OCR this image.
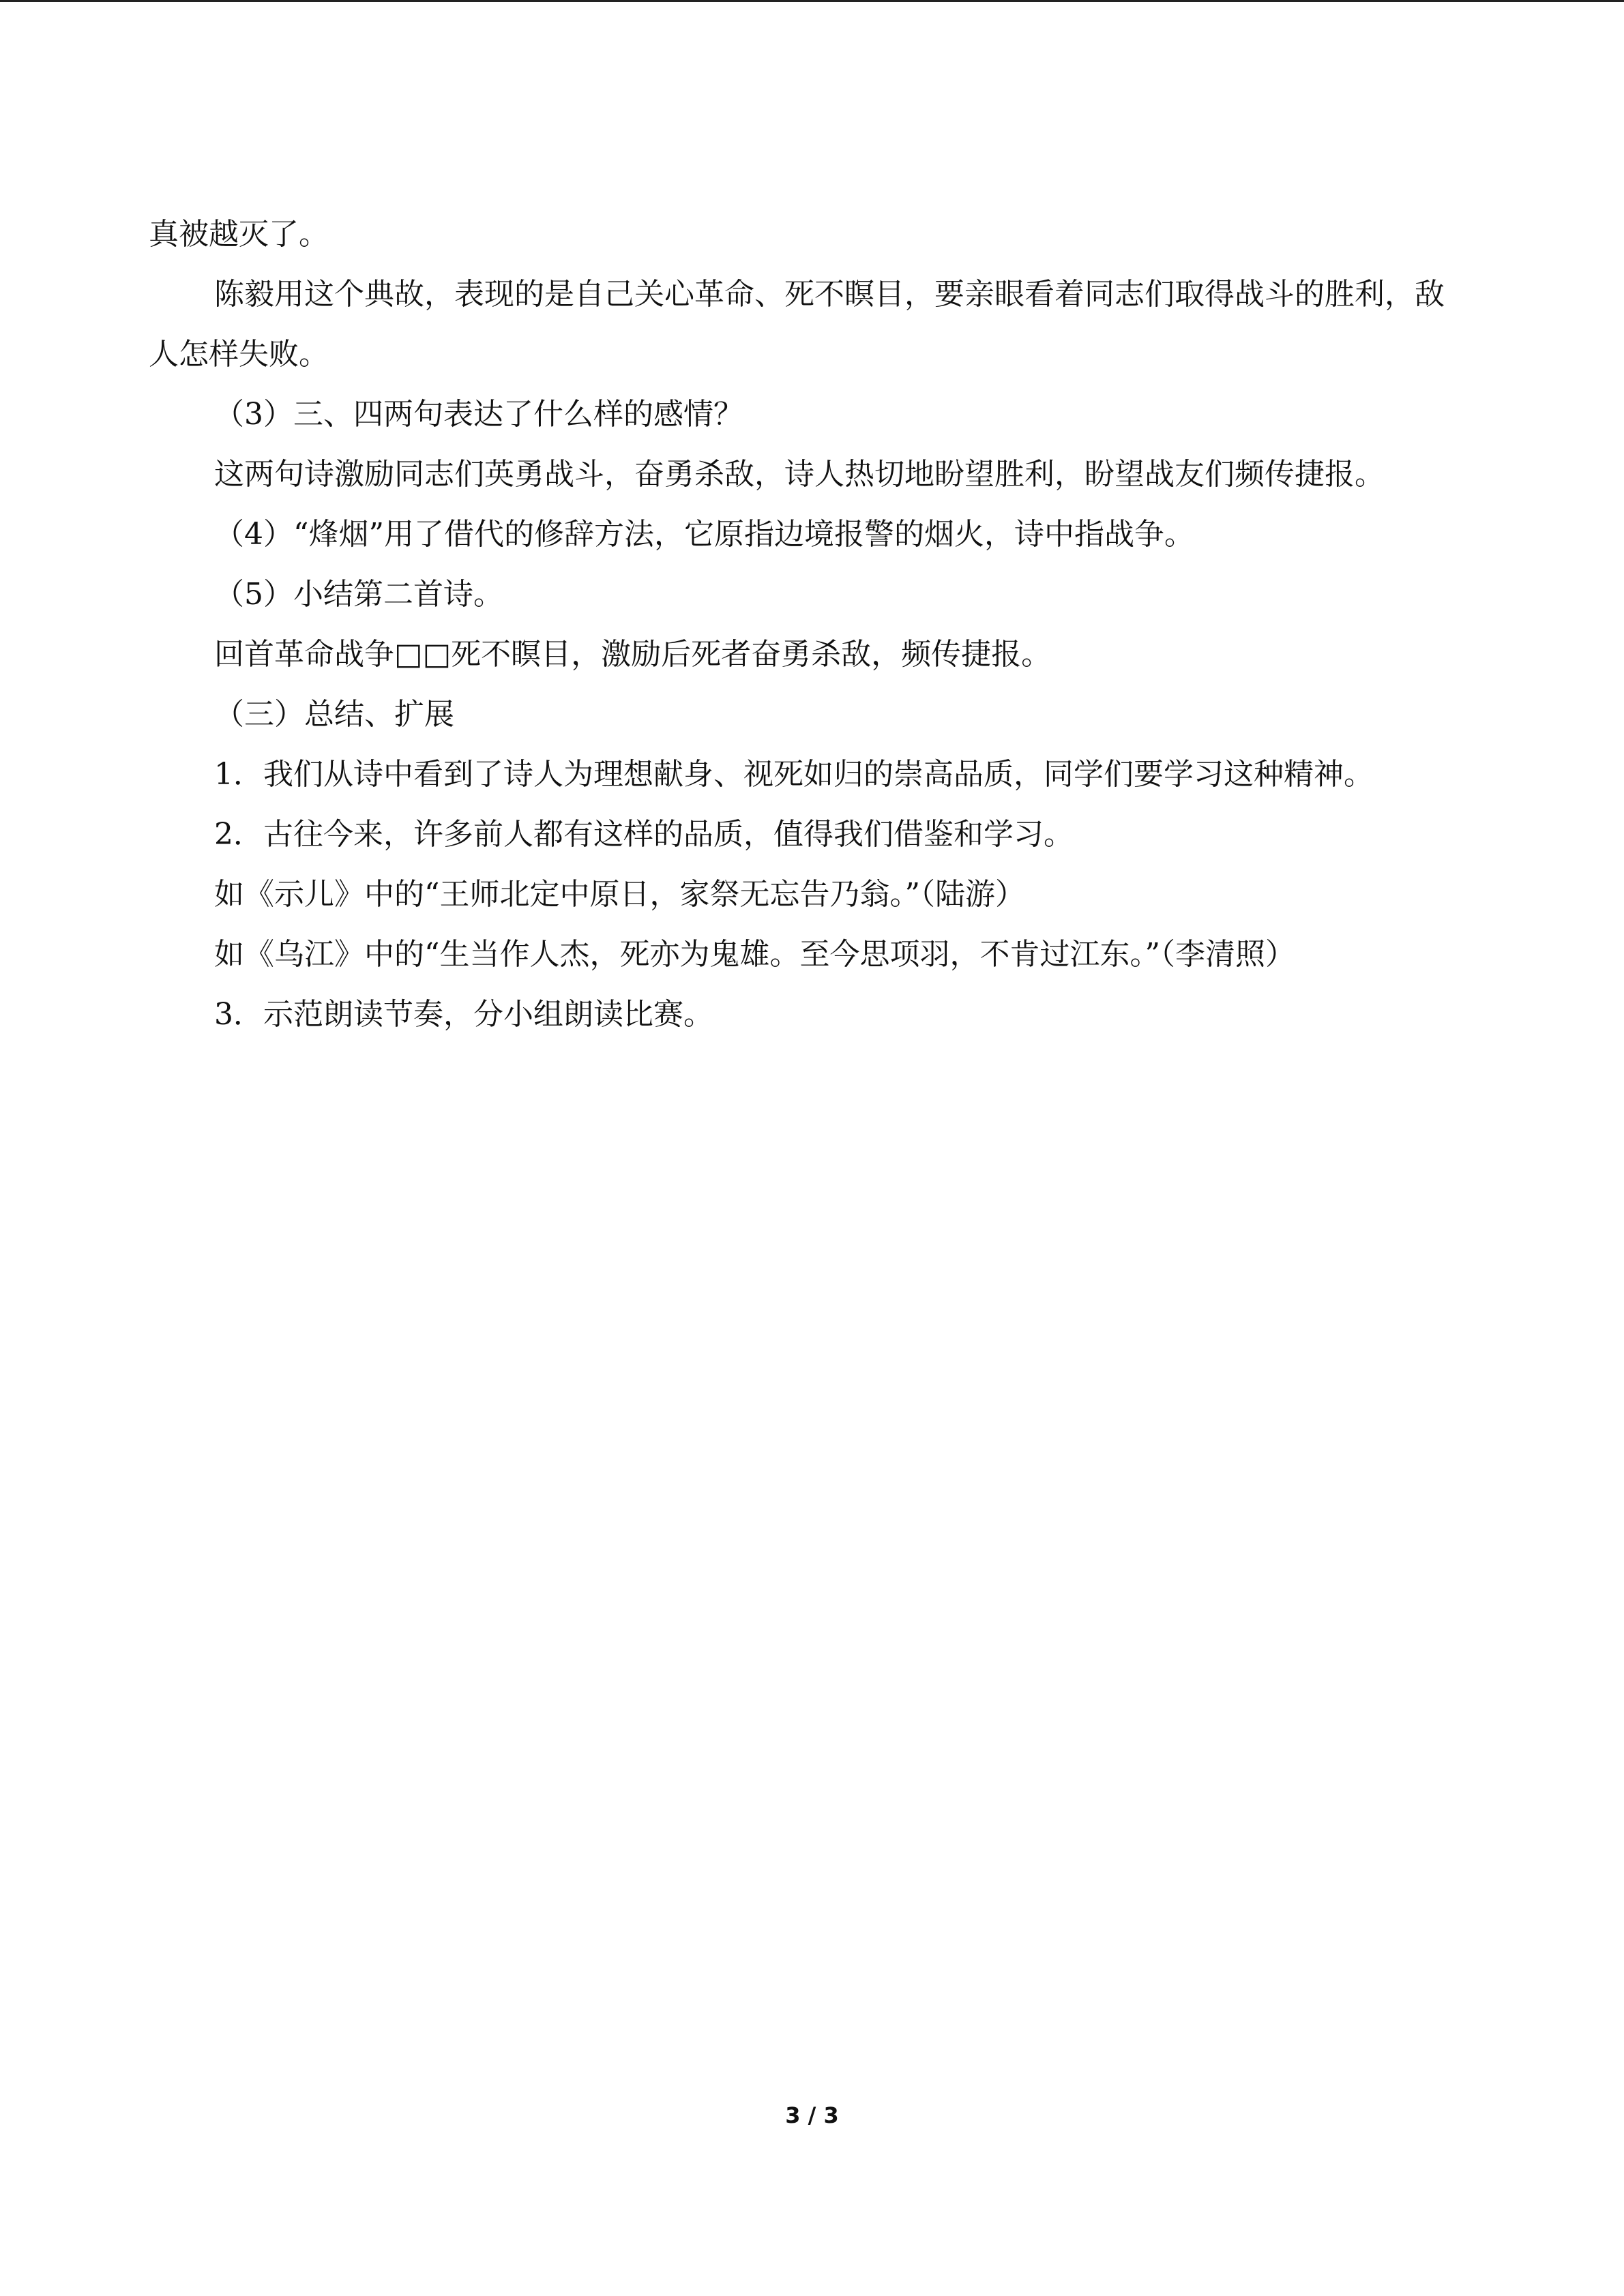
真被越灭了。

陈毅用这个典故，表现的是自己关心革命、死不瞑目，要亲眼看着同志们取得战斗的胜利，敌人怎样失败。

（3）三、四两句表达了什么样的感情？

这两句诗激励同志们英勇战斗，奋勇杀敌，诗人热切地盼望胜利，盼望战友们频传捷报。

（4）“烽烟”用了借代的修辞方法，它原指边境报警的烟火，诗中指战争。

（5）小结第二首诗。

回首革命战争□□死不瞑目，激励后死者奋勇杀敌，频传捷报。

（三）总结、扩展

1．我们从诗中看到了诗人为理想献身、视死如归的崇高品质，同学们要学习这种精神。

2．古往今来，许多前人都有这样的品质，值得我们借鉴和学习。

如《示儿》中的“王师北定中原日，家祭无忘告乃翁。”（陆游）

如《乌江》中的“生当作人杰，死亦为鬼雄。至今思项羽，不肯过江东。”（李清照）

3．示范朗读节奏，分小组朗读比赛。

3 / 3
